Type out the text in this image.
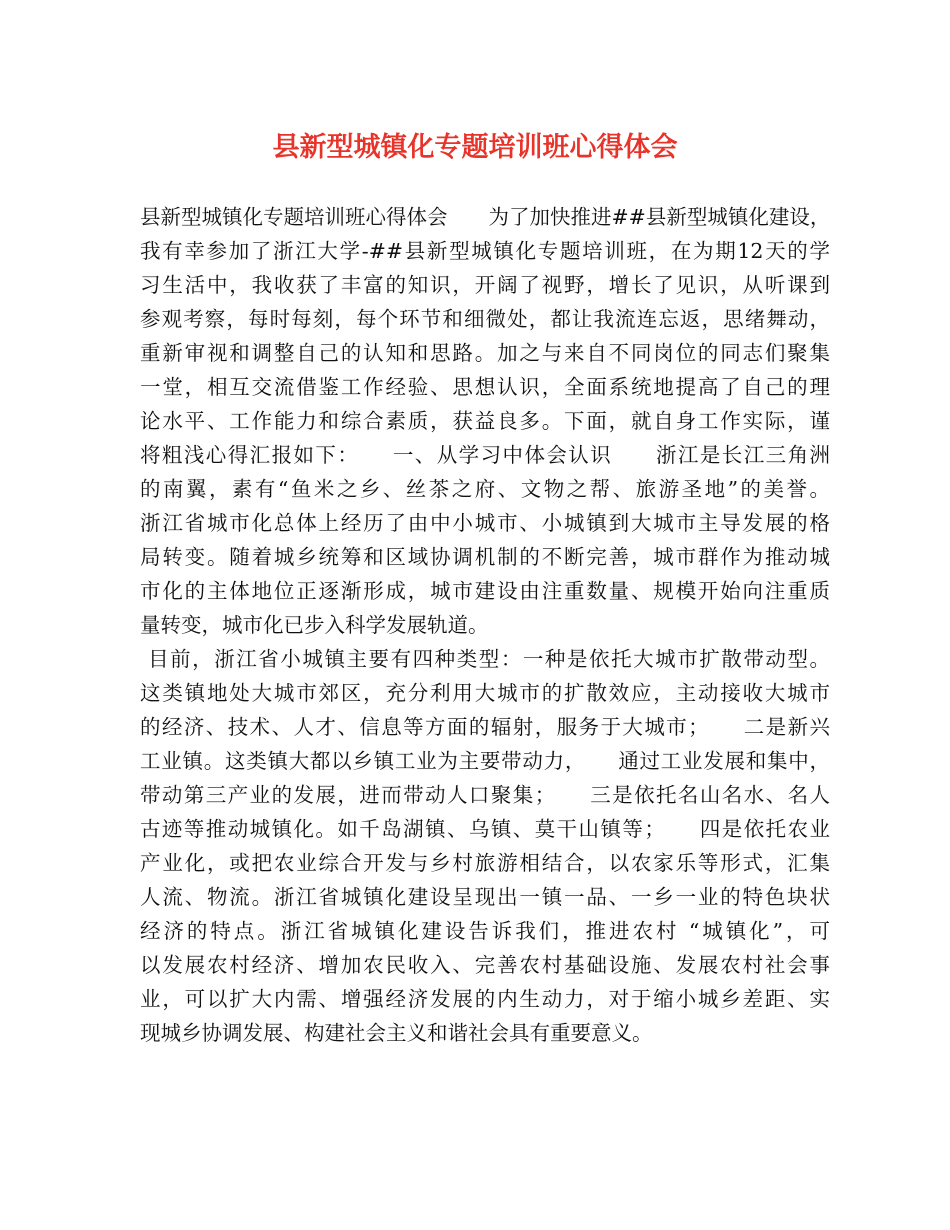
县新型城镇化专题培训班心得体会
县新型城镇化专题培训班心得体会　　为了加快推进##县新型城镇化建设，
我有幸参加了浙江大学-##县新型城镇化专题培训班，在为期12天的学
习生活中，我收获了丰富的知识，开阔了视野，增长了见识，从听课到
参观考察，每时每刻，每个环节和细微处，都让我流连忘返，思绪舞动，
重新审视和调整自己的认知和思路。加之与来自不同岗位的同志们聚集
一堂，相互交流借鉴工作经验、思想认识，全面系统地提高了自己的理
论水平、工作能力和综合素质，获益良多。下面，就自身工作实际，谨
将粗浅心得汇报如下：　　一、从学习中体会认识　　浙江是长江三角洲
的南翼，素有“鱼米之乡、丝茶之府、文物之帮、旅游圣地”的美誉。
浙江省城市化总体上经历了由中小城市、小城镇到大城市主导发展的格
局转变。随着城乡统筹和区域协调机制的不断完善，城市群作为推动城
市化的主体地位正逐渐形成，城市建设由注重数量、规模开始向注重质
量转变，城市化已步入科学发展轨道。
目前，浙江省小城镇主要有四种类型：一种是依托大城市扩散带动型。
这类镇地处大城市郊区，充分利用大城市的扩散效应，主动接收大城市
的经济、技术、人才、信息等方面的辐射，服务于大城市；　　二是新兴
工业镇。这类镇大都以乡镇工业为主要带动力，　　通过工业发展和集中，
带动第三产业的发展，进而带动人口聚集；　　三是依托名山名水、名人
古迹等推动城镇化。如千岛湖镇、乌镇、莫干山镇等；　　四是依托农业
产业化，或把农业综合开发与乡村旅游相结合，以农家乐等形式，汇集
人流、物流。浙江省城镇化建设呈现出一镇一品、一乡一业的特色块状
经济的特点。浙江省城镇化建设告诉我们，推进农村 “城镇化”，可
以发展农村经济、增加农民收入、完善农村基础设施、发展农村社会事
业，可以扩大内需、增强经济发展的内生动力，对于缩小城乡差距、实
现城乡协调发展、构建社会主义和谐社会具有重要意义。
